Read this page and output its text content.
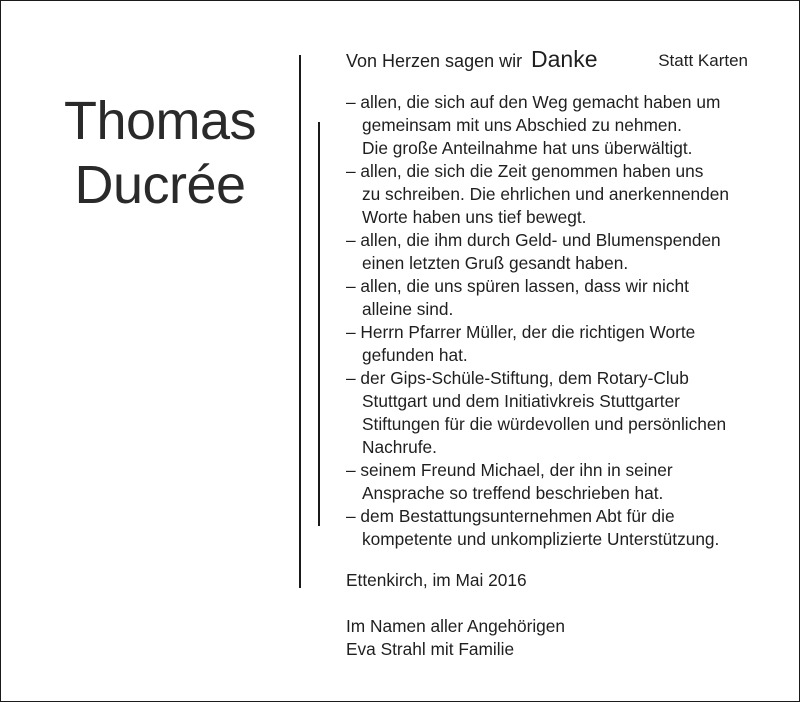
Thomas
Ducrée
Von Herzen sagen wir Danke	Statt Karten
– allen, die sich auf den Weg gemacht haben um
gemeinsam mit uns Abschied zu nehmen.
Die große Anteilnahme hat uns überwältigt.
– allen, die sich die Zeit genommen haben uns
zu schreiben. Die ehrlichen und anerkennenden
Worte haben uns tief bewegt.
– allen, die ihm durch Geld- und Blumenspenden
einen letzten Gruß gesandt haben.
– allen, die uns spüren lassen, dass wir nicht
alleine sind.
– Herrn Pfarrer Müller, der die richtigen Worte
gefunden hat.
– der Gips-Schüle-Stiftung, dem Rotary-Club
Stuttgart und dem Initiativkreis Stuttgarter
Stiftungen für die würdevollen und persönlichen
Nachrufe.
– seinem Freund Michael, der ihn in seiner
Ansprache so treffend beschrieben hat.
– dem Bestattungsunternehmen Abt für die
kompetente und unkomplizierte Unterstützung.
Ettenkirch, im Mai 2016
Im Namen aller Angehörigen
Eva Strahl mit Familie
